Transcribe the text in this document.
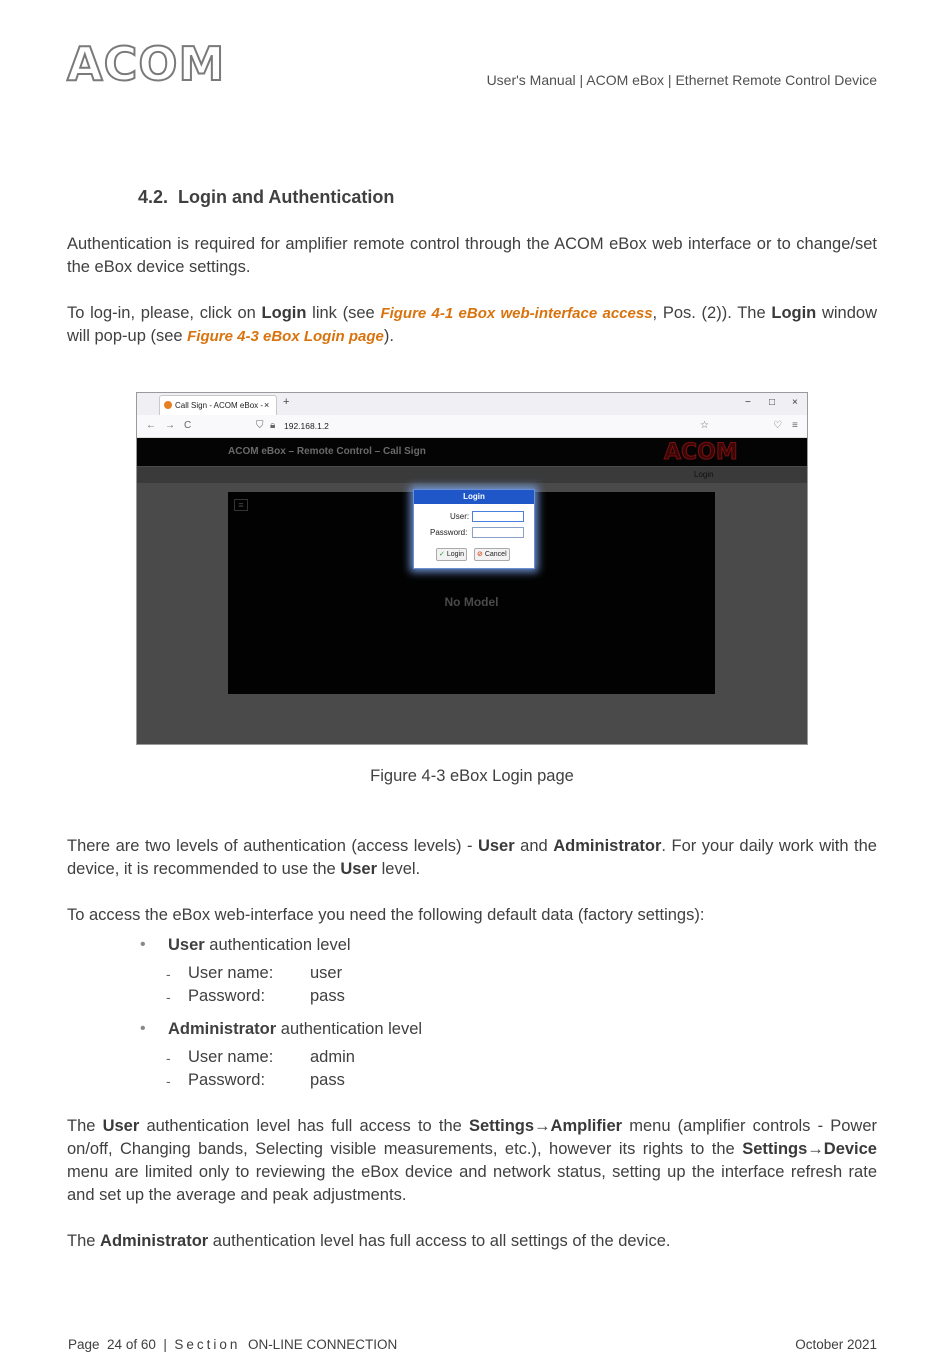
ACOM	User's Manual | ACOM eBox | Ethernet Remote Control Device
4.2. Login and Authentication
Authentication is required for amplifier remote control through the ACOM eBox web interface or to change/set the eBox device settings.
To log-in, please, click on Login link (see Figure 4-1 eBox web-interface access, Pos. (2)). The Login window will pop-up (see Figure 4-3 eBox Login page).
Call Sign - ACOM eBox - × +	− □ ×
← → C	⛉ 🔒︎ 192.168.1.2	☆	♡ ≡
ACOM eBox – Remote Control – Call Sign	ACOM
Login
≡
No Model
Login
User:
Password:
✓ Login	⊘ Cancel
Figure 4-3 eBox Login page
There are two levels of authentication (access levels) - User and Administrator. For your daily work with the device, it is recommended to use the User level.
To access the eBox web-interface you need the following default data (factory settings):
• User authentication level
- User name: user
- Password:	pass
• Administrator authentication level
- User name: admin
- Password:	pass
The User authentication level has full access to the Settings→Amplifier menu (amplifier controls - Power on/off, Changing bands, Selecting visible measurements, etc.), however its rights to the Settings→Device menu are limited only to reviewing the eBox device and network status, setting up the interface refresh rate and set up the average and peak adjustments.
The Administrator authentication level has full access to all settings of the device.
Page 24 of 60 | Section ON-LINE CONNECTION	October 2021
